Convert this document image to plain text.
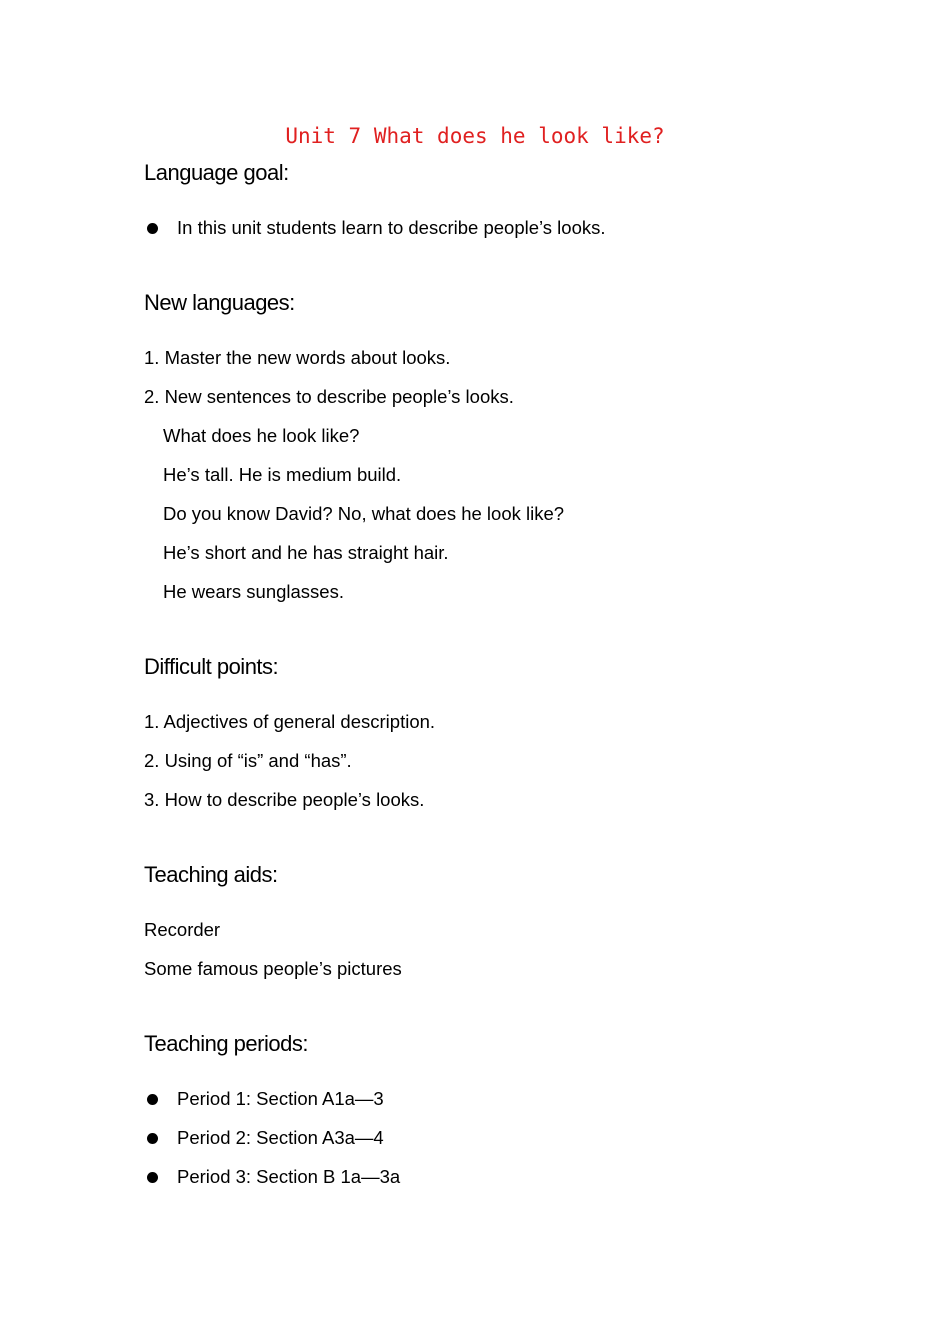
Unit 7 What does he look like?
Language goal:
In this unit students learn to describe people’s looks.
New languages:
1. Master the new words about looks.
2. New sentences to describe people’s looks.
What does he look like?
He’s tall. He is medium build.
Do you know David? No, what does he look like?
He’s short and he has straight hair.
He wears sunglasses.
Difficult points:
1. Adjectives of general description.
2. Using of “is” and “has”.
3. How to describe people’s looks.
Teaching aids:
Recorder
Some famous people’s pictures
Teaching periods:
Period 1: Section A1a—3
Period 2: Section A3a—4
Period 3: Section B 1a—3a
